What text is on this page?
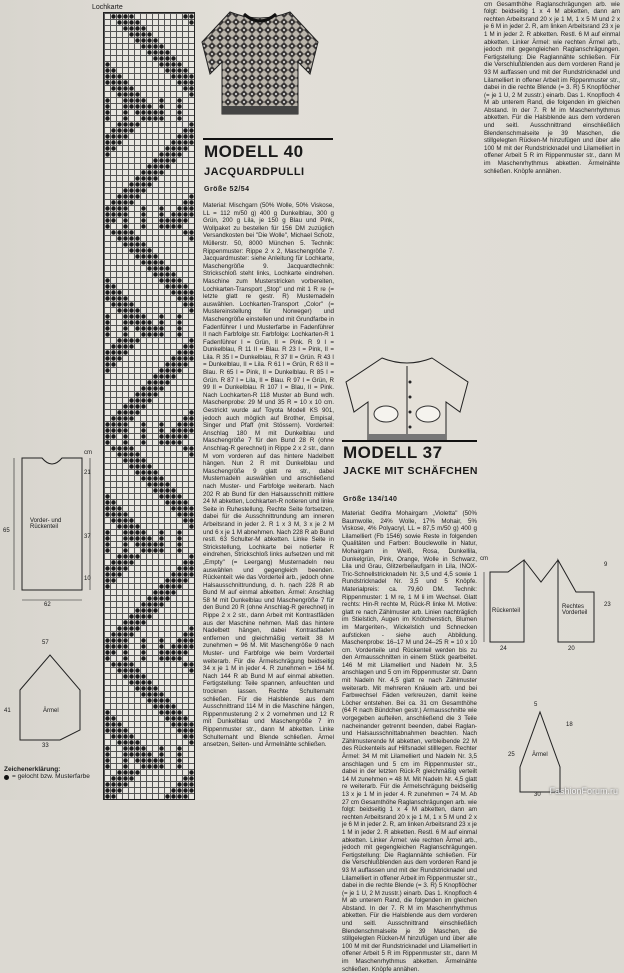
Lochkarte
Vorder- und Rückenteil
65
37
21
cm
62
10
Ärmel
41
57
33
Zeichenerklärung:
= gelocht bzw. Musterfarbe
MODELL 40
JACQUARDPULLI
Größe 52/54

Material: Mischgarn (50% Wolle, 50% Viskose, LL = 112 m/50 g) 400 g Dunkelblau, 300 g Grün, 200 g Lila, je 150 g Blau und Pink, Wollpaket zu bestellen für 156 DM zuzüglich Versandkosten bei "Die Wolle", Michael Scholz, Müllerstr. 50, 8000 München 5. Technik: Rippenmuster: Rippe 2 x 2, Maschengröße 7. Jacquardmuster: siehe Anleitung für Lochkarte, Maschengröße 9. Jacquardtechnik: Strickschloß steht links, Lochkarte eindrehen. Maschine zum Musterstricken vorbereiten, Lochkarten-Transport „Stop" und mit 1 R re (= letzte glatt re gestr. R) Mustemadeln auswählen. Lochkarten-Transport „Color" (= Mustereinstellung für Norweger) und Maschengröße einstellen und mit Grundfarbe in Fadenführer I und Musterfarbe in Fadenführer II nach Farbfolge str. Farbfolge: Lochkarten-R 1 Fadenführer I = Grün, II = Pink. R 9 I = Dunkelblau, R 11 II = Blau. R 23 I = Pink, II = Lila. R 35 I = Dunkelblau, R 37 II = Grün. R 43 I = Dunkelblau, II = Lila. R 61 I = Grün, R 63 II = Blau. R 65 I = Pink, II = Dunkelblau. R 85 I = Grün. R 87 I = Lila, II = Blau. R 97 I = Grün, R 99 II = Dunkelblau. R 107 I = Blau, II = Pink. Nach Lochkarten-R 118 Muster ab Bund wdh. Maschenprobe: 29 M und 35 R = 10 x 10 cm. Gestrickt wurde auf Toyota Modell KS 901, jedoch auch möglich auf Brother, Empisal, Singer und Pfaff (mit Stössern). Vorderteil: Anschlag 180 M mit Dunkelblau und Maschengröße 7 für den Bund 28 R (ohne Anschlag-R gerechnet) in Rippe 2 x 2 str., dann M vom vorderen auf das hintere Nadelbett hängen. Nun 2 R mit Dunkelblau und Maschengröße 9 glatt re str., dabei Musternadeln auswählen und anschließend nach Muster- und Farbfolge weiterarb. Nach 202 R ab Bund für den Halsausschnitt mittlere 24 M abketten, Lochkarten-R notieren und linke Seite in Ruhestellung. Rechte Seite fortsetzen, dabei für die Ausschnittrundung am inneren Arbeitsrand in jeder 2. R 1 x 3 M, 3 x je 2 M und 6 x je 1 M abnehmen. Nach 228 R ab Bund restl. 63 Schulter-M abketten. Linke Seite in Strickstellung, Lochkarte bei notierter R eindrehen, Strickschloß links aufsetzen und mit „Empty" (= Leergang) Musternadeln neu auswählen und gegengleich beenden. Rückenteil: wie das Vorderteil arb., jedoch ohne Halsausschnittrundung, d. h. nach 228 R ab Bund M auf einmal abketten. Ärmel: Anschlag 58 M mit Dunkelblau und Maschengröße 7 für den Bund 20 R (ohne Anschlag-R gerechnet) in Rippe 2 x 2 str., dann Arbeit mit Kontrastfäden aus der Maschine nehmen. Maß das hintere Nadelbett hängen, dabei Kontrastfaden entfernen und gleichmäßig verteilt 38 M zunehmen = 96 M. Mit Maschengröße 9 nach Muster- und Farbfolge wie beim Vorderteil weiterarb. Für die Ärmelschrägung beidseitig 34 x je 1 M in jeder 4. R zunehmen = 164 M. Nach 144 R ab Bund M auf einmal abketten. Fertigstellung: Teile spannen, anfeuchten und trocknen lassen. Rechte Schulternaht schließen. Für die Halsblende aus dem Ausschnittrand 114 M in die Maschine hängen, Rippenmusterung 2 x 2 vornehmen und 12 R mit Dunkelblau und Maschengröße 7 im Rippenmuster str., dann M abketten. Linke Schulternaht und Blende schließen. Ärmel ansetzen, Seiten- und Ärmelnähte schließen.

MODELL 37
JACKE MIT SCHÄFCHEN
Größe 134/140

Material: Gedifra Mohairgarn „Violetta" (50% Baumwolle, 24% Wolle, 17% Mohair, 5% Viskose, 4% Polyacryl, LL = 87,5 m/50 g) 400 g Lilamelliert (Fb 1546) sowie Reste in folgenden Qualitäten und Farben: Bouclewolle in Natur, Mohairgarn in Weiß, Rosa, Dunkellila, Dunkelgrün, Pink, Orange, Wolle in Schwarz, Lila und Grau, Glitzerbeilaufgarn in Lila, INOX-Tric-Schnellstricknadeln Nr. 3,5 und 4,5 sowie 1 Rundstricknadel Nr. 3,5 und 5 Knöpfe. Materialpreis: ca. 79,60 DM. Technik: Rippenmuster: 1 M re, 1 M li im Wechsel. Glatt rechts: Hin-R rechte M, Rück-R linke M. Motive: glatt re nach Zählmuster arb. Linien nachträglich im Stielstich, Augen im Knötchenstich, Blumen im Margeriten-, Wickelstich und Schnecken aufsticken - siehe auch Abbildung. Maschenprobe: 16–17 M und 24–25 R = 10 x 10 cm. Vorderteile und Rückenteil werden bis zu den Armausschnitten in einem Stück gearbeitet. 146 M mit Lilamelliert und Nadeln Nr. 3,5 anschlagen und 5 cm im Rippenmuster str. Dann mit Nadeln Nr. 4,5 glatt re nach Zählmuster weiterarb. Mit mehreren Knäueln arb. und bei Farbwechsel Fäden verkreuzen, damit keine Löcher entstehen. Bei ca. 31 cm Gesamthöhe (64 R nach Bündchen gestr.) Armausschnitte wie vorgegeben aufteilen, anschließend die 3 Teile nacheinander getrennt beenden, dabei Raglan- und Halsausschnittabnahmen beachten. Nach Zählmusterende M abketten, verbleibende 22 M des Rückenteils auf Hilfsnadel stilllegen. Rechter Ärmel: 34 M mit Lilamelliert und Nadeln Nr. 3,5 anschlagen und 5 cm im Rippenmuster str., dabei in der letzten Rück-R gleichmäßig verteilt 14 M zunehmen = 48 M. Mit Nadeln Nr. 4,5 glatt re weiterarb. Für die Ärmelschrägung beidseitig 13 x je 1 M in jeder 4. R zunehmen = 74 M. Ab 27 cm Gesamthöhe Raglanschrägungen arb. wie folgt: beidseitig 1 x 4 M abketten, dann am rechten Arbeitsrand 20 x je 1 M, 1 x 5 M und 2 x je 6 M in jeder 2. R, am linken Arbeitsrand 23 x je 1 M in jeder 2. R abketten. Restl. 6 M auf einmal abketten. Linker Ärmel: wie rechten Ärmel arb., jedoch mit gegengleichen Raglanschrägungen. Fertigstellung: Die Raglannähte schließen. Für die Verschlußblenden aus dem vorderen Rand je 93 M auffassen und mit der Rundstricknadel und Lilamelliert in offener Arbeit im Rippenmuster str., dabei in die rechte Blende (= 3. R) 5 Knopflöcher (= je 1 U, 2 M zusstr.) einarb. Das 1. Knopfloch 4 M ab unterem Rand, die folgenden im gleichen Abstand. In der 7. R M im Maschenrhythmus abketten. Für die Halsblende aus dem vorderen und seitl. Ausschnittrand einschließlich Blendenschmalseite je 39 Maschen, die stillgelegten Rücken-M hinzufügen und über alle 100 M mit der Rundstricknadel und Lilamelliert in offener Arbeit 5 R im Rippenmuster str., dann M im Maschenrhythmus abketten. Ärmelnähte schließen. Knöpfe annähen.

cm Gesamthöhe Raglanschrägungen arb. wie folgt: beidseitig 1 x 4 M abketten, dann am rechten Arbeitsrand 20 x je 1 M, 1 x 5 M und 2 x je 6 M in jeder 2. R, am linken Arbeitsrand 23 x je 1 M in jeder 2. R abketten. Restl. 6 M auf einmal abketten. Linker Ärmel: wie rechten Ärmel arb., jedoch mit gegengleichen Raglanschrägungen. Fertigstellung: Die Raglannähte schließen. Für die Verschlußblenden aus dem vorderen Rand je 93 M auffassen und mit der Rundstricknadel und Lilamelliert in offener Arbeit im Rippenmuster str., dabei in die rechte Blende (= 3. R) 5 Knopflöcher (= je 1 U, 2 M zusstr.) einarb. Das 1. Knopfloch 4 M ab unterem Rand, die folgenden im gleichen Abstand. In der 7. R M im Maschenrhythmus abketten. Für die Halsblende aus dem vorderen und seitl. Ausschnittrand einschließlich Blendenschmalseite je 39 Maschen, die stillgelegten Rücken-M hinzufügen und über alle 100 M mit der Rundstricknadel und Lilamelliert in offener Arbeit 5 R im Rippenmuster str., dann M im Maschenrhythmus abketten. Ärmelnähte schließen. Knöpfe annähen.

Rückenteil
Rechtes Vorderteil
Ärmel
cm
9
23
24	20
18
25
5
30 FashionForum.ru
